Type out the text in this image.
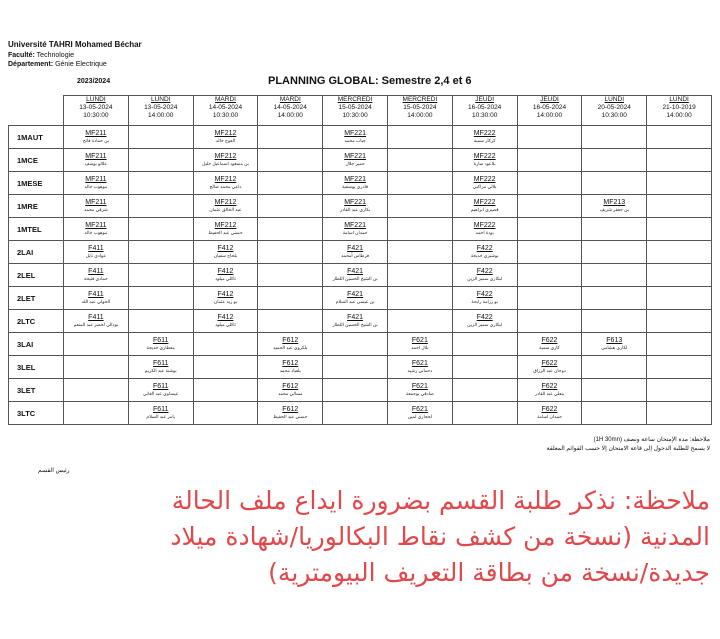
Université TAHRI Mohamed Béchar
Faculté: Technologie
Département: Génie Electrique
2023/2024	PLANNING GLOBAL: Semestre 2,4 et 6

	LUNDI
13-05-2024
10:30:00	LUNDI
13-05-2024
14:00:00	MARDI
14-05-2024
10:30:00	MARDI
14-05-2024
14:00:00	MERCREDI
15-05-2024
10:30:00	MERCREDI
15-05-2024
14:00:00	JEUDI
16-05-2024
10:30:00	JEUDI
16-05-2024
14:00:00	LUNDI
20-05-2024
10:30:00	LUNDI
21-10-2019
14:00:00

1MAUT	MF211
بن حمادة فاتح		MF212
العوج خالد		MF221
جباب محمد		MF222
كركار سمية			

1MCE	MF211
علالو يوسف		MF212
بن مسعود اسماعيل خليل		MF221
حمير جلال		MF222
بلاعود سارة			

1MESE	MF211
موهوب خالد		MF212
داعي محمد صالح		MF221
قادري يوسفية		MF222
بلالي مراكبي			

1MRE	MF211
شرقي محمد		MF212
عبد الخالق عثمان		MF221
بكاري عبد القادر		MF222
قصيري ابراهيم		MF213
بن جعفر شريف	

1MTEL	MF211
موهوب خالد		MF212
حسني عبد الحفيظ		MF221
حمدان اسامة		MF222
بودة احمد			

2LAI	F411
عوادي نايل		F412
بلحاج سفيان		F421
فرطاس أمحمد		F422
بوشيري خديجة			

2LEL	F411
حمادي فتيحة		F412
تاكلي ميلود		F421
بن الشيخ الحسين اللطار		F422
لبكاري سمير الزين			

2LET	F411
الحولي عبد الله		F412
بو زيد عثمان		F421
بن عيسى عبد السلام		F422
بو رزامة رابحة			

2LTC	F411
بودالي لخضر عبد المنعم		F412
تاكلي ميلود		F421
بن الشيخ الحسين اللطار		F422
لبكاري سمير الزين			

3LAI		F611
معطاري خديجة		F612
بلكروي عبد الحميد		F621
بلال احمد		F622
كاري سمية	F613
لكاري هشامي	

3LEL		F611
بوشنة عبد الكريم		F612
بلعباد محمد		F621
دحماني رشيد		F622
دوحان عبد الرزاق		

3LET		F611
عيساوي عبد الغاني		F612
مسالي محمد		F621
صادقي بوجمعة		F622
بنعلي عبد القادر		

3LTC		F611
يامر عبد السلام		F612
حسني عبد الحفيظ		F621
لحجاري لمين		F622
حمدان اسامة		

ملاحظة: مدة الإمتحان ساعة ونصف (1H 30mn)
لا يسمح للطلبة الدخول إلى قاعة الامتحان إلا حسب القوائم المعلقة
رئيس القسم
ملاحظة: نذكر طلبة القسم بضرورة ايداع ملف الحالة المدنية (نسخة من كشف نقاط البكالوريا/شهادة ميلاد جديدة/نسخة من بطاقة التعريف البيومترية)
